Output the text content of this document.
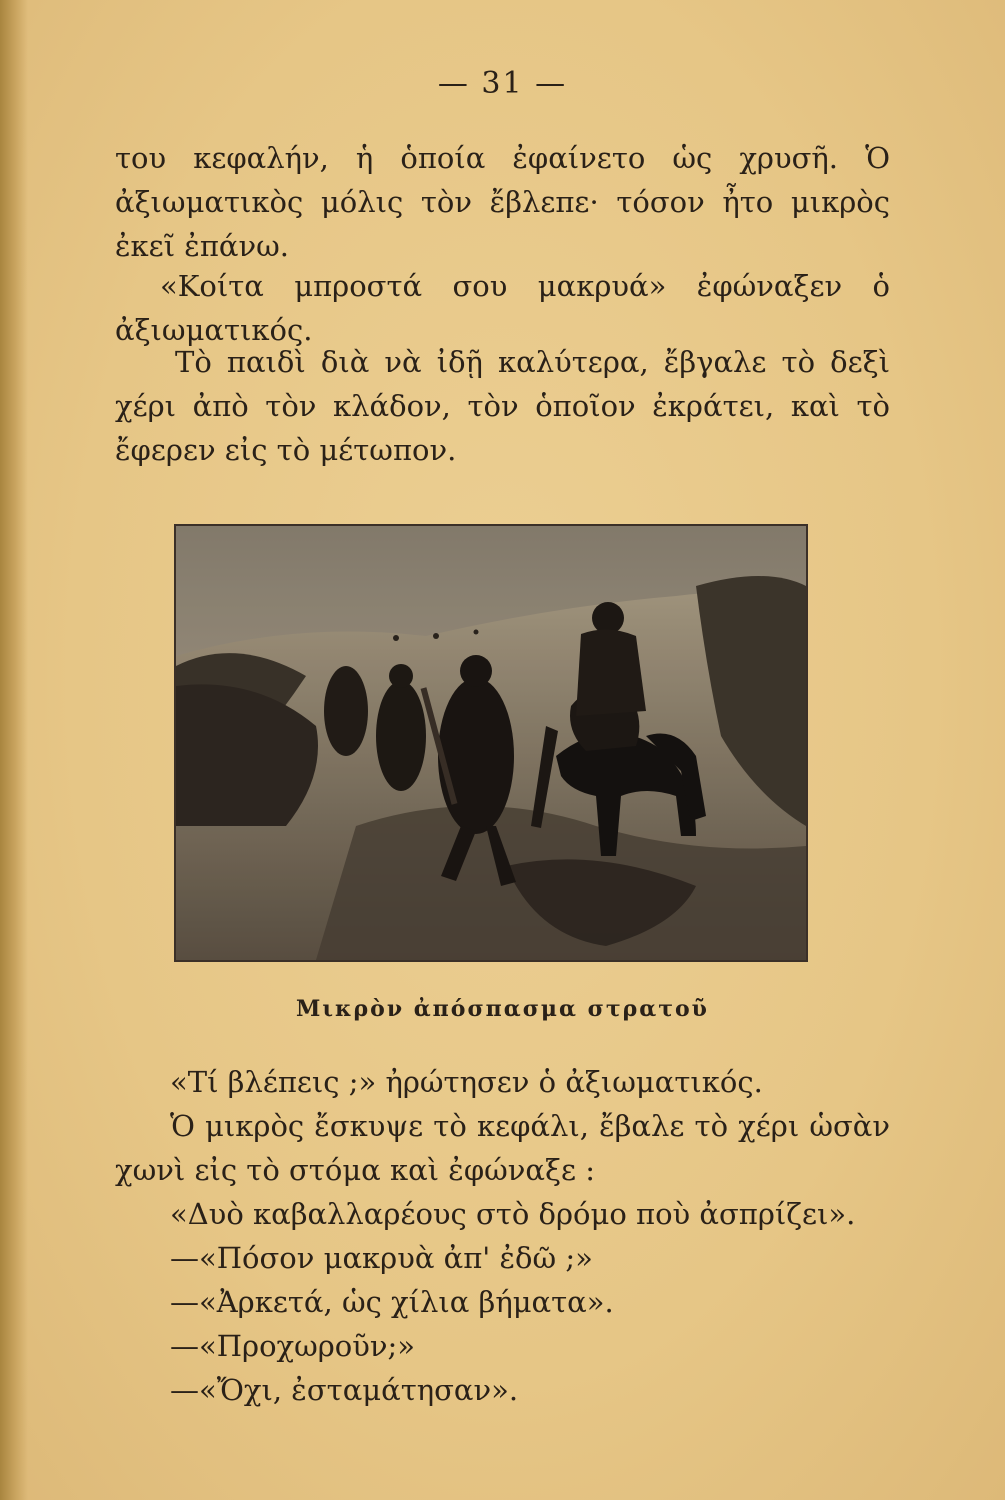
— 31 —

του κεφαλήν, ἡ ὁποία ἐφαίνετο ὡς χρυσῆ. Ὁ ἀξιωματικὸς μόλις τὸν ἔβλεπε· τόσον ἦτο μικρὸς ἐκεῖ ἐπάνω.

«Κοίτα μπροστά σου μακρυά» ἐφώναξεν ὁ ἀξιωματικός.

Τὸ παιδὶ διὰ νὰ ἰδῇ καλύτερα, ἔβγαλε τὸ δεξὶ χέρι ἀπὸ τὸν κλάδον, τὸν ὁποῖον ἐκράτει, καὶ τὸ ἔφερεν εἰς τὸ μέτωπον.

Μικρὸν ἀπόσπασμα στρατοῦ

«Τί βλέπεις ;» ἠρώτησεν ὁ ἀξιωματικός.

Ὁ μικρὸς ἔσκυψε τὸ κεφάλι, ἔβαλε τὸ χέρι ὡσὰν χωνὶ εἰς τὸ στόμα καὶ ἐφώναξε :

«Δυὸ καβαλλαρέους στὸ δρόμο ποὺ ἀσπρίζει».

—«Πόσον μακρυὰ ἀπ' ἐδῶ ;»

—«Ἀρκετά, ὡς χίλια βήματα».

—«Προχωροῦν;»

—«Ὄχι, ἐσταμάτησαν».
